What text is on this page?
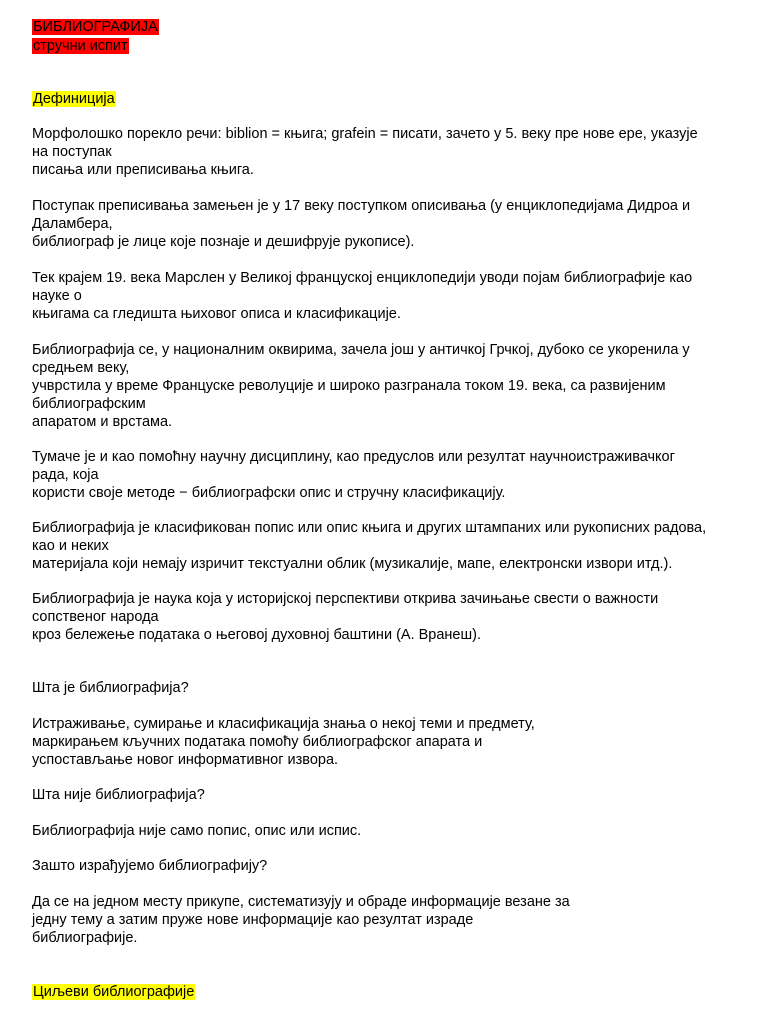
БИБЛИОГРАФИЈА
стручни испит
Дефиниција
Морфолошко порекло речи: biblion = књига; grafein = писати, зачето у 5. веку пре нове ере, указује
на поступак
писања или преписивања књига.
Поступак преписивања замењен је у 17 веку поступком описивања (у енциклопедијама Дидроа и
Даламбера,
библиограф је лице које познаје и дешифрује рукописе).
Тек крајем 19. века Марслен у Великој француској енциклопедији уводи појам библиографије као
науке о
књигама са гледишта њиховог описа и класификације.
Библиографија се, у националним оквирима, зачела још у античкој Грчкој, дубоко се укоренила у
средњем веку,
учврстила у време Француске револуције и широко разгранала током 19. века, са развијеним
библиографским
апаратом и врстама.
Тумаче је и као помоћну научну дисциплину, као предуслов или резултат научноистраживачког
рада, која
користи своје методе − библиографски опис и стручну класификацију.
Библиографија је класификован попис или опис књига и других штампаних или рукописних радова,
као и неких
материјала који немају изричит текстуални облик (музикалије, мапе, електронски извори итд.).
Библиографија је наука која у историјској перспективи открива зачињање свести о важности
сопственог народа
кроз бележење података о његовој духовној баштини (А. Вранеш).
Шта је библиографија?
Истраживање, сумирање и класификација знања о некој теми и предмету,
маркирањем кључних података помоћу библиографског апарата и
успостављање новог информативног извора.
Шта није библиографија?
Библиографија није само попис, опис или испис.
Зашто израђујемо библиографију?
Да се на једном месту прикупе, систематизују и обраде информације везане за
једну тему а затим пруже нове информације као резултат израде
библиографије.
Циљеви библиографије
